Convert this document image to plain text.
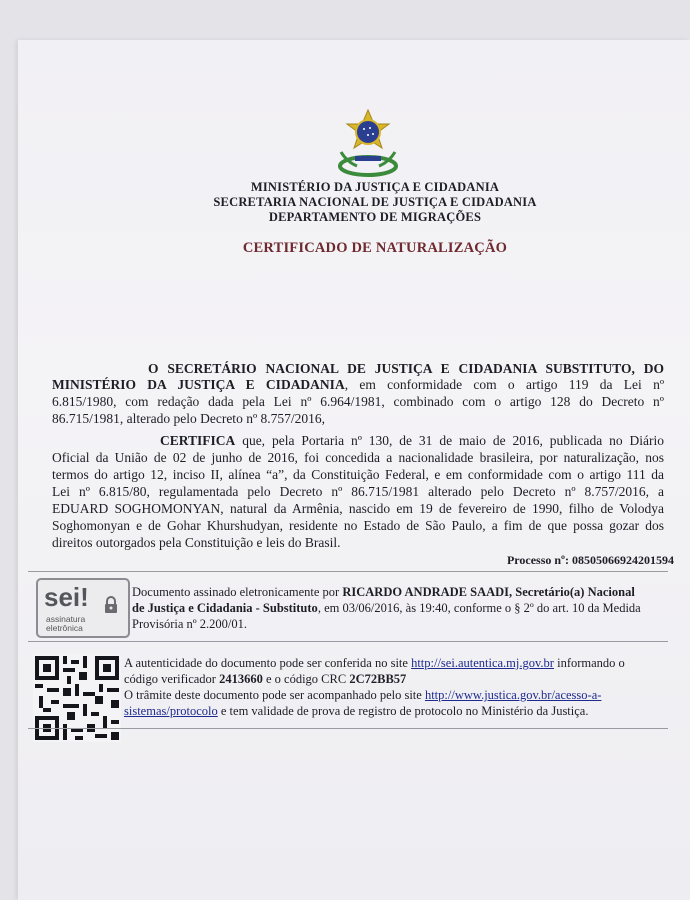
MINISTÉRIO DA JUSTIÇA E CIDADANIA
SECRETARIA NACIONAL DE JUSTIÇA E CIDADANIA
DEPARTAMENTO DE MIGRAÇÕES
CERTIFICADO DE NATURALIZAÇÃO
O SECRETÁRIO NACIONAL DE JUSTIÇA E CIDADANIA SUBSTITUTO, DO
MINISTÉRIO DA JUSTIÇA E CIDADANIA, em conformidade com o artigo 119 da Lei nº
6.815/1980, com redação dada pela Lei nº 6.964/1981, combinado com o artigo 128 do Decreto nº
86.715/1981, alterado pelo Decreto nº 8.757/2016,
CERTIFICA que, pela Portaria nº 130, de 31 de maio de 2016, publicada no Diário
Oficial da União de 02 de junho de 2016, foi concedida a nacionalidade brasileira, por naturalização, nos
termos do artigo 12, inciso II, alínea “a”, da Constituição Federal, e em conformidade com o artigo 111 da
Lei nº 6.815/80, regulamentada pelo Decreto nº 86.715/1981 alterado pelo Decreto nº 8.757/2016, a
EDUARD SOGHOMONYAN, natural da Armênia, nascido em 19 de fevereiro de 1990, filho de Volodya
Soghomonyan e de Gohar Khurshudyan, residente no Estado de São Paulo, a fim de que possa gozar dos
direitos outorgados pela Constituição e leis do Brasil.
Processo nº: 08505066924201594
sei!
assinatura
eletrônica
Documento assinado eletronicamente por RICARDO ANDRADE SAADI, Secretário(a) Nacional
de Justiça e Cidadania - Substituto, em 03/06/2016, às 19:40, conforme o § 2º do art. 10 da Medida
Provisória nº 2.200/01.
A autenticidade do documento pode ser conferida no site http://sei.autentica.mj.gov.br informando o
código verificador 2413660 e o código CRC 2C72BB57
O trâmite deste documento pode ser acompanhado pelo site http://www.justica.gov.br/acesso-a-
sistemas/protocolo e tem validade de prova de registro de protocolo no Ministério da Justiça.
